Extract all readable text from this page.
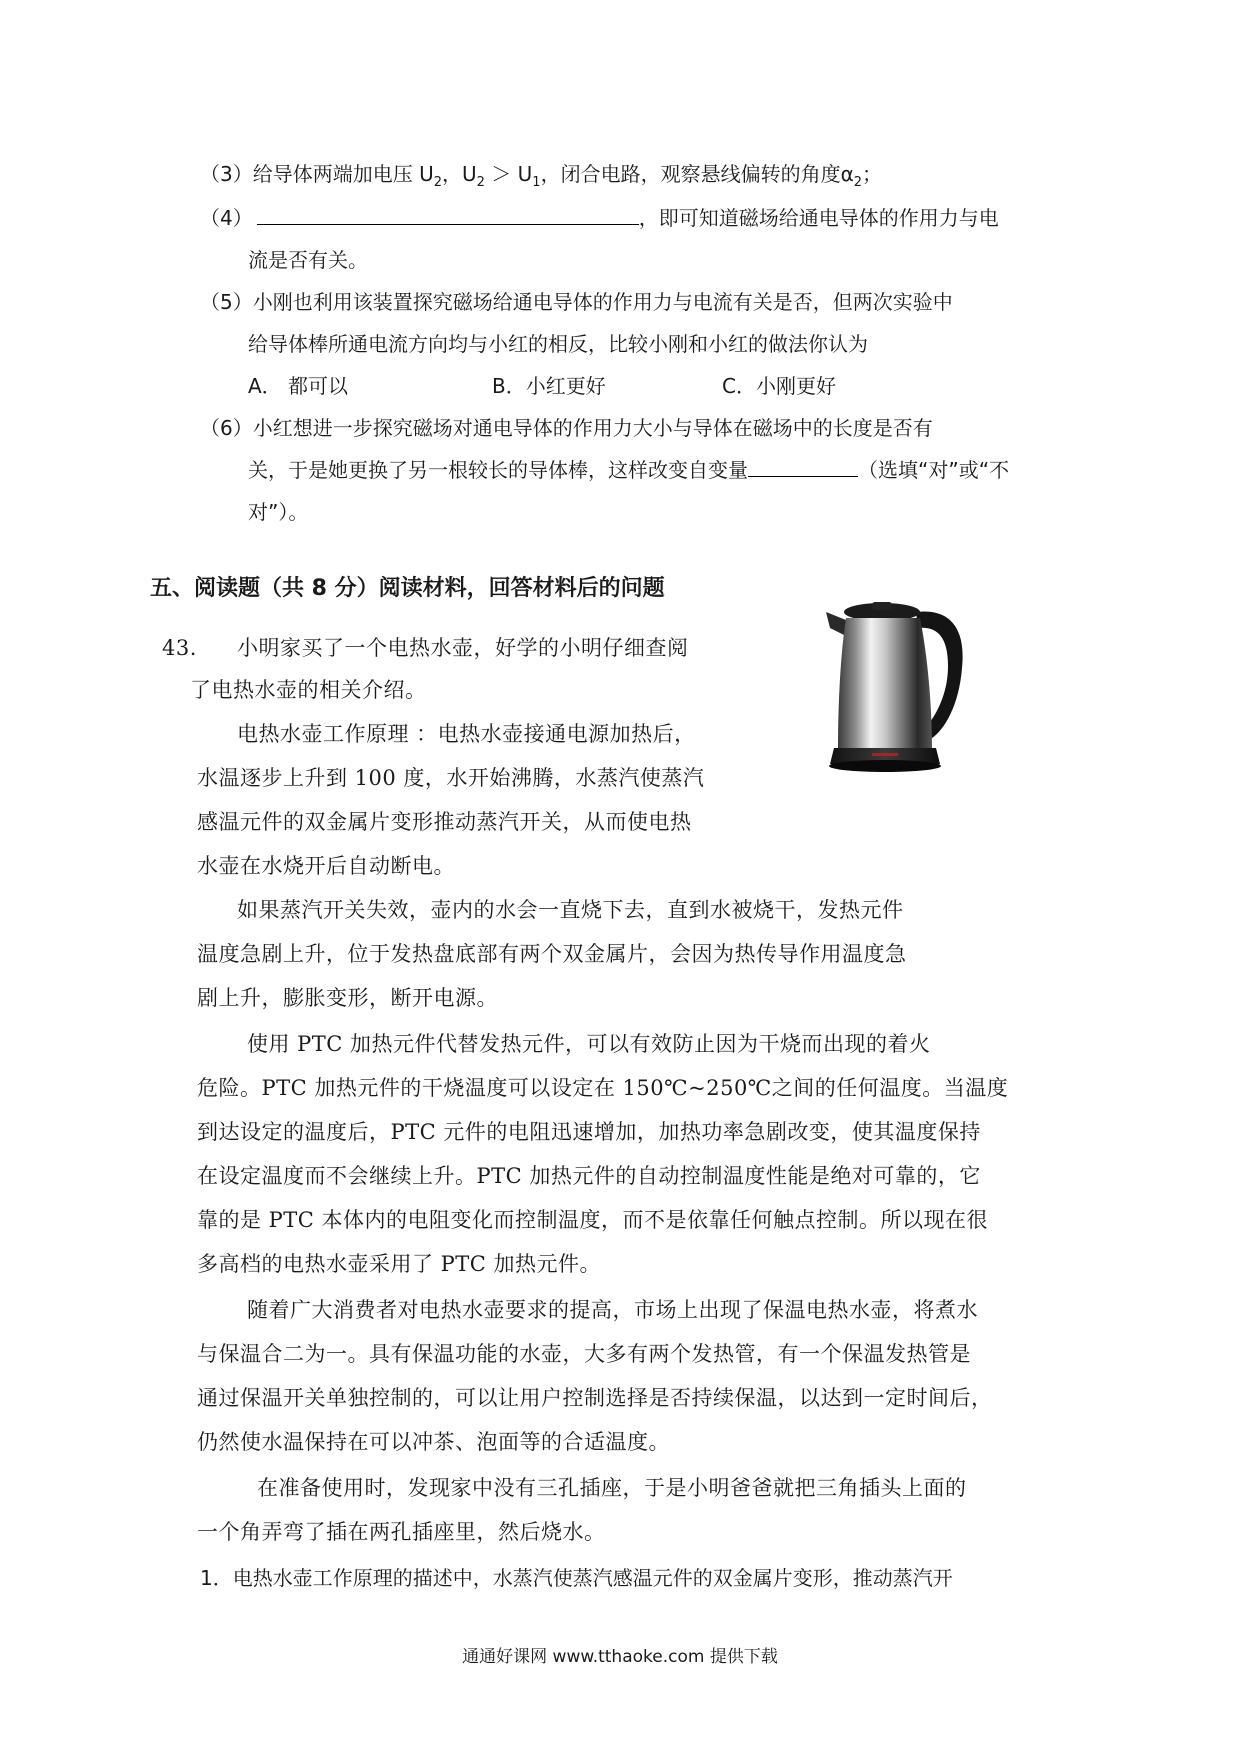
（3）给导体两端加电压 $U_2$，$U_2 > U_1$，闭合电路，观察悬线偏转的角度$\alpha_2$；
（4）	，即可知道磁场给通电导体的作用力与电
流是否有关。
（5）小刚也利用该装置探究磁场给通电导体的作用力与电流有关是否，但两次实验中
给导体棒所通电流方向均与小红的相反，比较小刚和小红的做法你认为
A． 都可以	B．小红更好	C．小刚更好
（6）小红想进一步探究磁场对通电导体的作用力大小与导体在磁场中的长度是否有
关，于是她更换了另一根较长的导体棒，这样改变自变量	（选填“对”或“不
对”）。
五、阅读题（共 8 分）阅读材料，回答材料后的问题
43. 小明家买了一个电热水壶，好学的小明仔细查阅
了电热水壶的相关介绍。
电热水壶工作原理 ：电热水壶接通电源加热后，
水温逐步上升到 100 度，水开始沸腾，水蒸汽使蒸汽
感温元件的双金属片变形推动蒸汽开关，从而使电热
水壶在水烧开后自动断电。
如果蒸汽开关失效，壶内的水会一直烧下去，直到水被烧干，发热元件
温度急剧上升，位于发热盘底部有两个双金属片，会因为热传导作用温度急
剧上升，膨胀变形，断开电源。
使用 PTC 加热元件代替发热元件，可以有效防止因为干烧而出现的着火
危险。PTC 加热元件的干烧温度可以设定在 150℃~250℃之间的任何温度。当温度
到达设定的温度后，PTC 元件的电阻迅速增加，加热功率急剧改变，使其温度保持
在设定温度而不会继续上升。PTC 加热元件的自动控制温度性能是绝对可靠的，它
靠的是 PTC 本体内的电阻变化而控制温度，而不是依靠任何触点控制。所以现在很
多高档的电热水壶采用了 PTC 加热元件。
随着广大消费者对电热水壶要求的提高，市场上出现了保温电热水壶，将煮水
与保温合二为一。具有保温功能的水壶，大多有两个发热管，有一个保温发热管是
通过保温开关单独控制的，可以让用户控制选择是否持续保温，以达到一定时间后，
仍然使水温保持在可以冲茶、泡面等的合适温度。
在准备使用时，发现家中没有三孔插座，于是小明爸爸就把三角插头上面的
一个角弄弯了插在两孔插座里，然后烧水。
1．电热水壶工作原理的描述中，水蒸汽使蒸汽感温元件的双金属片变形，推动蒸汽开
通通好课网 www.tthaoke.com 提供下载
